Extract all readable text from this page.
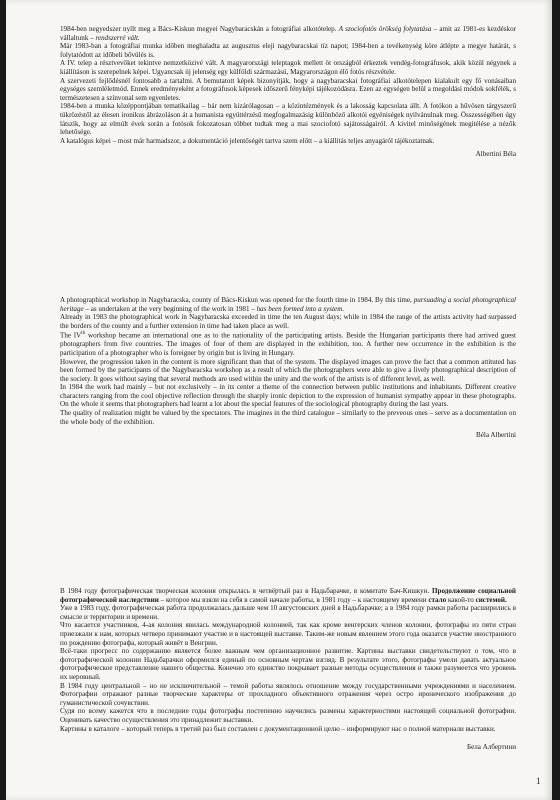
1984-ben negyedszer nyílt meg a Bács-Kiskun megyei Nagybaracskán a fotográfiai alkotótelep. A szociofotós örökség folytatása – amit az 1981-es kezdéskor vállaltunk – rendszerré vált.

Már 1983-ban a fotográfiai munka időben meghaladta az augusztus eleji nagybaracskai tíz napot; 1984-ben a tevékenység köre átlépte a megye határát, s folytatódott az időbeli bővülés is.

A IV. telep a résztvevőket tekintve nemzetközivé vált. A magyarországi teleptagok mellett öt országból érkeztek vendég-fotográfusok, akik közül négynek a kiállításon is szerepelnek képei. Ugyancsak új jelenség egy külföldi származású, Magyarországon élő fotós részvétele.

A szervezeti fejlődésnél fontosabb a tartalmi. A bemutatott képek bizonyítják, hogy a nagybaracskai fotográfiai alkotótelepen kialakult egy fő vonásaiban egységes szemléletmód. Ennek eredményeként a fotográfusok képesek időszerű fényképi tájékozódásra. Ezen az egységen belül a megoldási módok sokfélék, s természetesen a színvonal sem egyenletes.

1984-ben a munka középpontjában tematikailag – bár nem kizárólagosan – a közintézmények és a lakosság kapcsolata állt. A fotókon a hűvösen tárgyszerű tükrözéstől az élesen ironikus ábrázoláson át a humanista együttérzésű megfogalmazásig különböző alkotói egyéniségek nyilvánulnak meg. Összességében úgy látszik, hogy az elmúlt évek során a fotósok fokozatosan többet tudtak meg a mai szociofotó sajátosságairól. A kivitel minőségének megítélése a nézők lehetősége.

A katalógus képei – most már harmadszor, a dokumentáció jelentőségét tartva szem előtt – a kiállítás teljes anyagáról tájékoztatnak.

Albertini Béla

A photographical workshop in Nagybaracska, county of Bács-Kiskun was opened for the fourth time in 1984. By this time, pursuading a social photographical heritage – as undertaken at the very beginning of the work in 1981 – has been formed into a system.

Already in 1983 the photographical work in Nagybaracska exceeded in time the ten August days; while in 1984 the range of the artists activity had surpassed the borders of the county and a further extension in time had taken place as well.

The IVth workshop became an international one as to the nationality of the participating artists. Beside the Hungarian participants there had arrived guest photographers from five countries. The images of four of them are displayed in the exhibition, too. A further new occurrence in the exhibition is the participation of a photographer who is foreigner by origin but is living in Hungary.

However, the progression taken in the content is more significant than that of the system. The displayed images can prove the fact that a common attituted has been formed by the participants of the Nagybaracska workshop as a result of which the photographers were able to give a lively photographical description of the society. It goes without saying that several methods are used within the unity and the work of the artists is of different level, as well.

In 1984 the work had mainly – but not exclusively – in its center a theme of the connection between public institutions and inhabitants. Different creative characters ranging from the cool objective reflection through the sharply ironic depiction to the expression of humanist sympathy appear in these photographs. On the whole it seems that photographers had learnt a lot about the special features of the sociological photography during the last years.

The quality of realization might be valued by the spectators. The imagines in the third catalogue – similarly to the preveous ones – serve as a documentation on the whole body of the exhibition.

Béla Albertini

В 1984 году фотографическая творческая колония открылась в четвёртый раз в Надьбарачке, в комитате Бач-Кишкун. Продолжение социальной фотографической наследствии – которое мы взяли на себя в самой начале работы, в 1981 году – к настоящему времени стало какой-то системой.

Уже в 1983 году, фотографическая работа продолжалась дальше чем 10 августовских дней в Надьбарачке; а в 1984 году рамки работы расширились в смысле и территории и времени.

Что касается участников, 4-ая колония явилась международной колонией, так как кроме венгерских членов колонии, фотографы из пяти стран приезжали к нам, которых четверо принимают участие и в настоящей выставке. Таким-же новым явлением этого года оказатся участие иностранного по рождению фотографа, который живёт в Венгрии.

Всё-таки прогресс по содержанию является более важным чем организационное развитие. Картины выставки свидетельствуют о том, что в фотографической колонии Надьбарачки оформился единый по основным чертам взгляд. В результате этого, фотографы умели давать актуальное фотографическое представление нашего общества. Конечно это единство покрывает разные методы осуществления и также разумеется что уровень их неровный.

В 1984 году центральной – но не исключительной – темой работы являлось отношение между государственными учреждениями и населением. Фотографии отражают разные творческие характеры от прохладного объективного отражения через остро иронического изображения до гуманистической сочувствии.

Судя по всему кажется что в последние годы фотографы постепенно научились размены характерностями настоящей социальной фотографии. Оценивать качество осуществления это принадлежит выставки.

Картины в каталоге – который теперь в третий раз был составлен с документационной целю – информируют нас о полной материали выставки.

Бела Албертини

1
